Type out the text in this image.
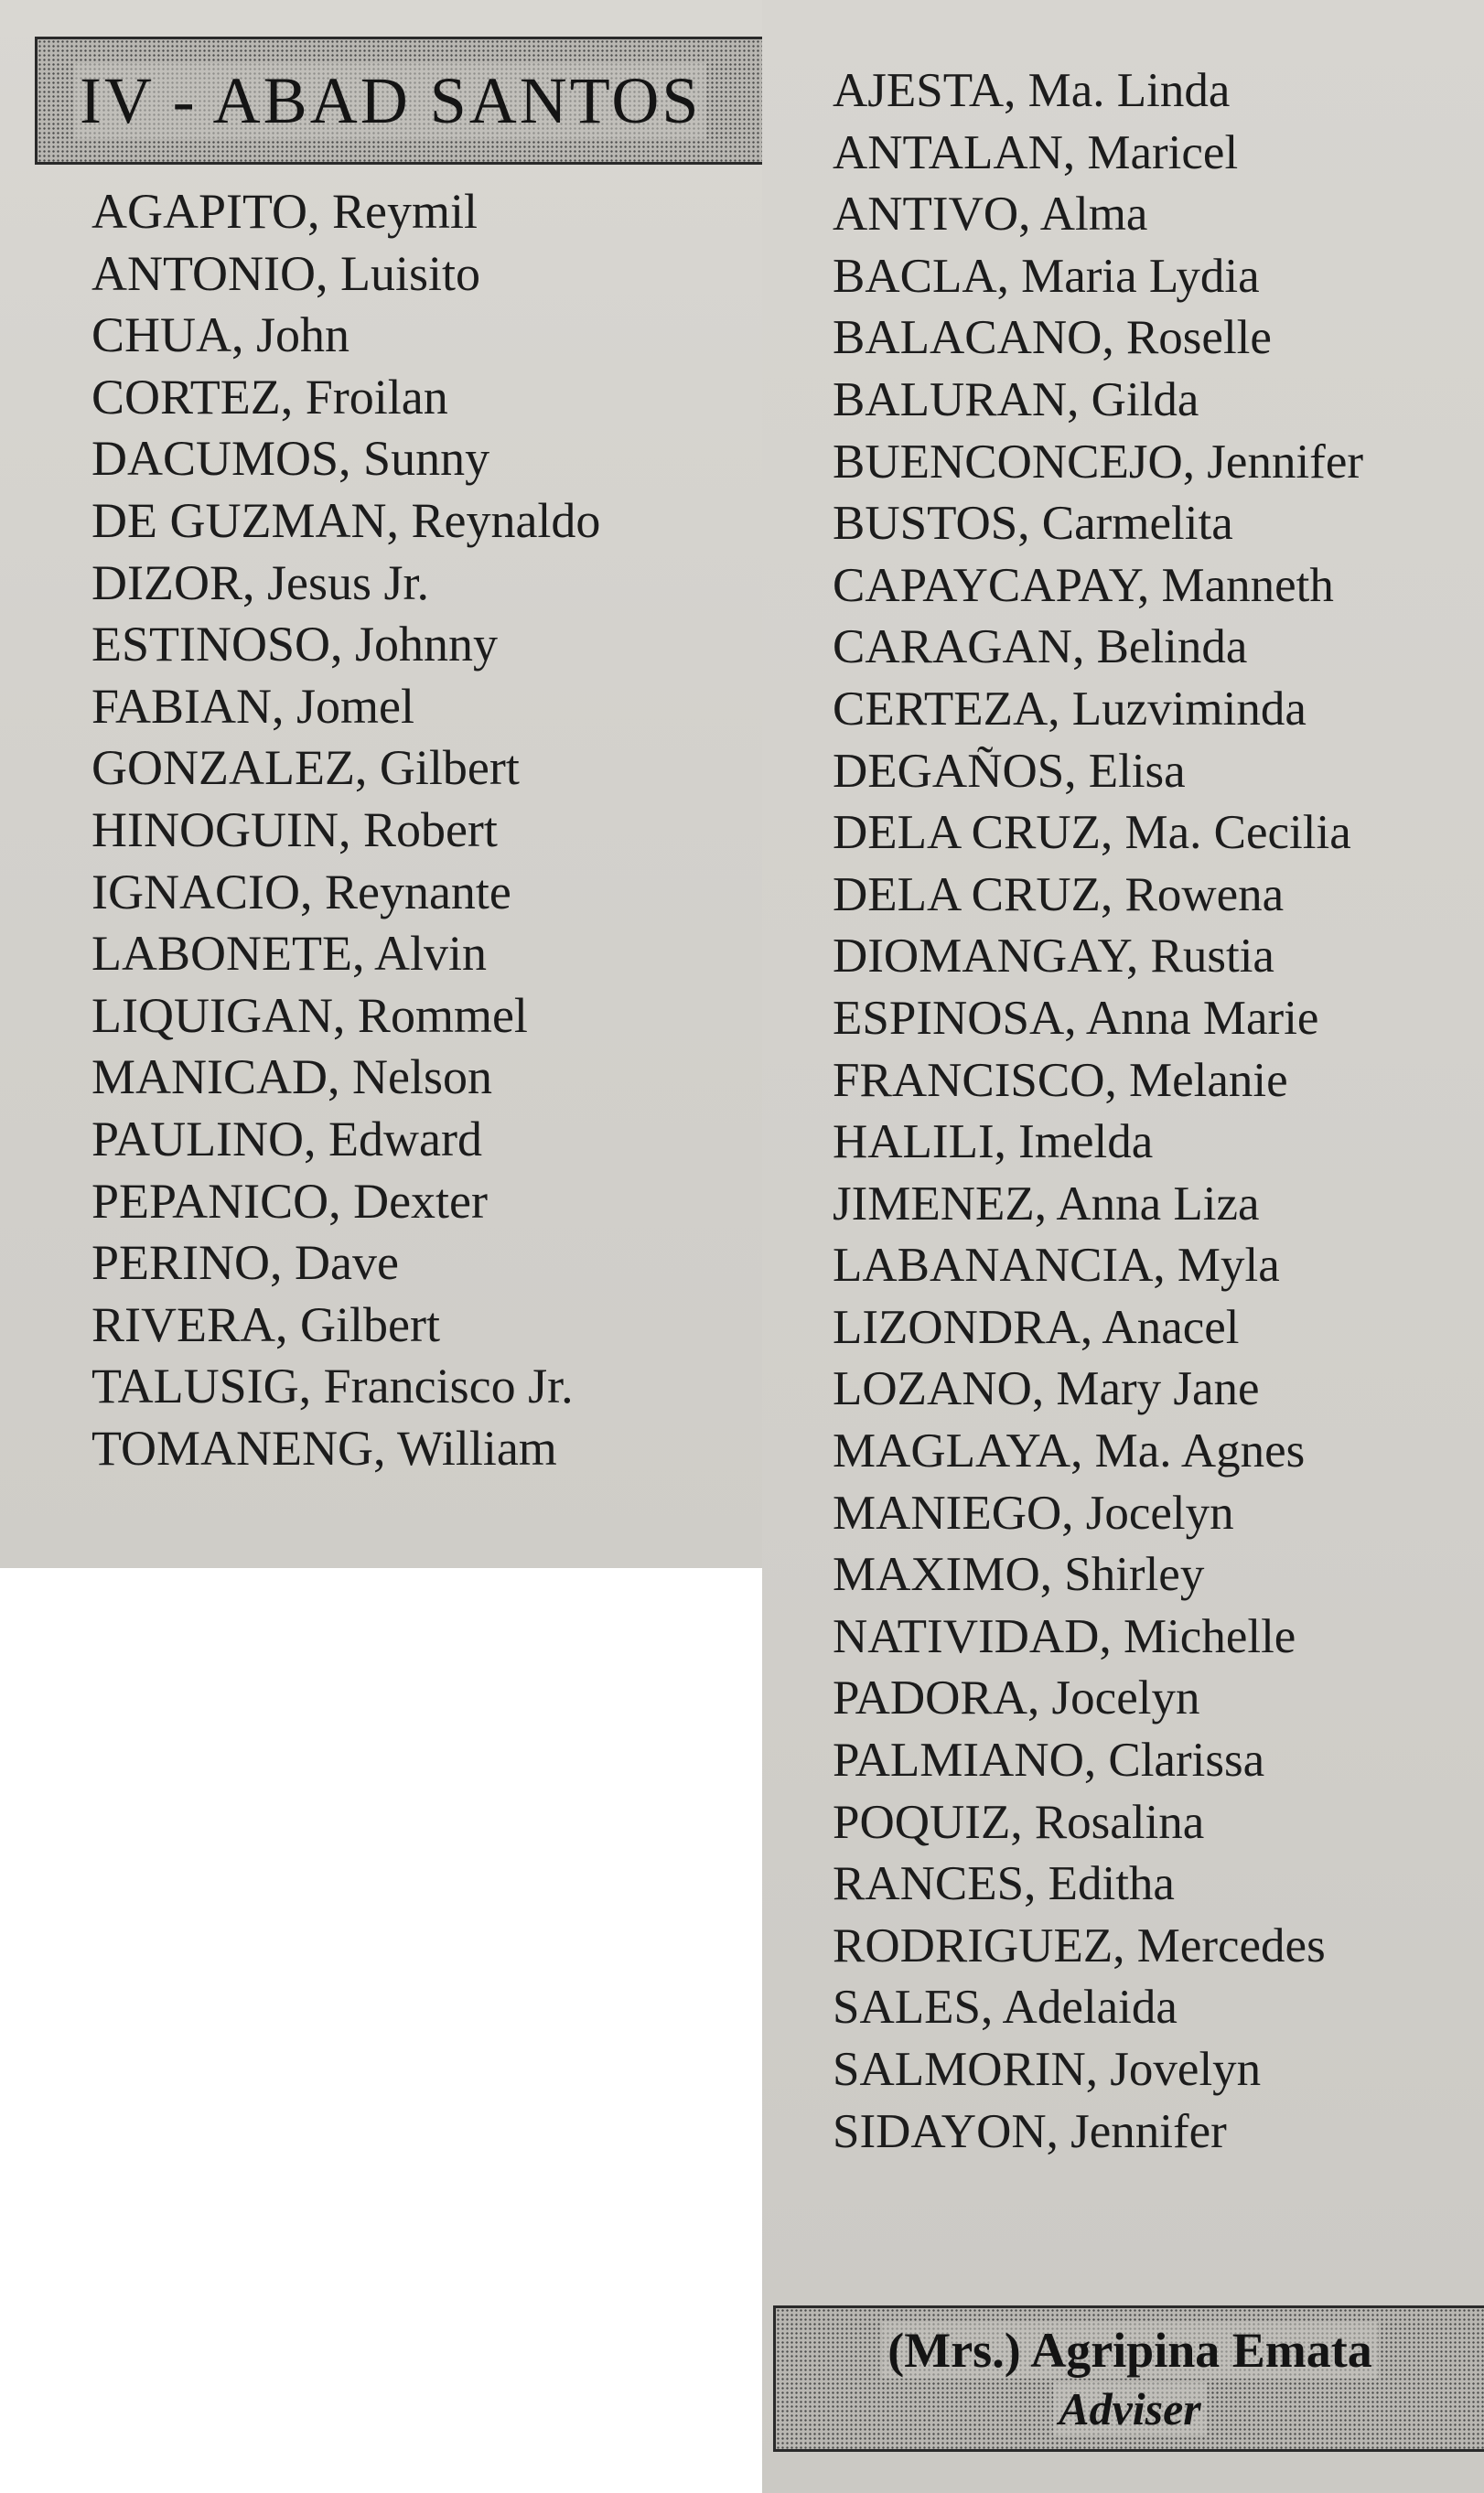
IV - ABAD SANTOS
AGAPITO, Reymil
ANTONIO, Luisito
CHUA, John
CORTEZ, Froilan
DACUMOS, Sunny
DE GUZMAN, Reynaldo
DIZOR, Jesus Jr.
ESTINOSO, Johnny
FABIAN, Jomel
GONZALEZ, Gilbert
HINOGUIN, Robert
IGNACIO, Reynante
LABONETE, Alvin
LIQUIGAN, Rommel
MANICAD, Nelson
PAULINO, Edward
PEPANICO, Dexter
PERINO, Dave
RIVERA, Gilbert
TALUSIG, Francisco Jr.
TOMANENG, William
AJESTA, Ma. Linda
ANTALAN, Maricel
ANTIVO, Alma
BACLA, Maria Lydia
BALACANO, Roselle
BALURAN, Gilda
BUENCONCEJO, Jennifer
BUSTOS, Carmelita
CAPAYCAPAY, Manneth
CARAGAN, Belinda
CERTEZA, Luzviminda
DEGAÑOS, Elisa
DELA CRUZ, Ma. Cecilia
DELA CRUZ, Rowena
DIOMANGAY, Rustia
ESPINOSA, Anna Marie
FRANCISCO, Melanie
HALILI, Imelda
JIMENEZ, Anna Liza
LABANANCIA, Myla
LIZONDRA, Anacel
LOZANO, Mary Jane
MAGLAYA, Ma. Agnes
MANIEGO, Jocelyn
MAXIMO, Shirley
NATIVIDAD, Michelle
PADORA, Jocelyn
PALMIANO, Clarissa
POQUIZ, Rosalina
RANCES, Editha
RODRIGUEZ, Mercedes
SALES, Adelaida
SALMORIN, Jovelyn
SIDAYON, Jennifer
(Mrs.) Agripina Emata
Adviser
